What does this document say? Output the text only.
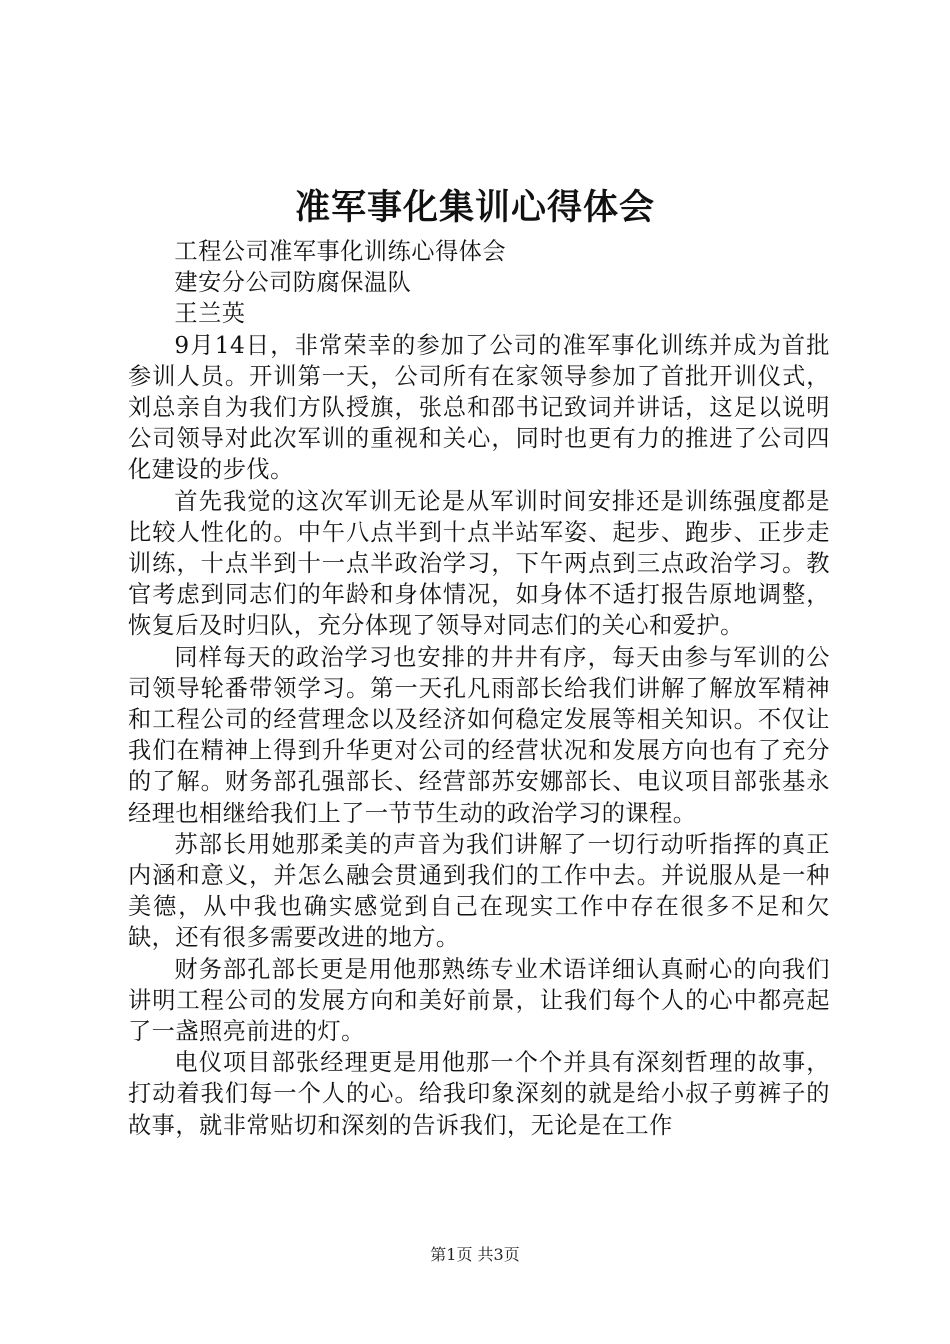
准军事化集训心得体会

工程公司准军事化训练心得体会

建安分公司防腐保温队

王兰英

9月14日，非常荣幸的参加了公司的准军事化训练并成为首批参训人员。开训第一天，公司所有在家领导参加了首批开训仪式，刘总亲自为我们方队授旗，张总和邵书记致词并讲话，这足以说明公司领导对此次军训的重视和关心，同时也更有力的推进了公司四化建设的步伐。

首先我觉的这次军训无论是从军训时间安排还是训练强度都是比较人性化的。中午八点半到十点半站军姿、起步、跑步、正步走训练，十点半到十一点半政治学习，下午两点到三点政治学习。教官考虑到同志们的年龄和身体情况，如身体不适打报告原地调整，恢复后及时归队，充分体现了领导对同志们的关心和爱护。

同样每天的政治学习也安排的井井有序，每天由参与军训的公司领导轮番带领学习。第一天孔凡雨部长给我们讲解了解放军精神和工程公司的经营理念以及经济如何稳定发展等相关知识。不仅让我们在精神上得到升华更对公司的经营状况和发展方向也有了充分的了解。财务部孔强部长、经营部苏安娜部长、电议项目部张基永经理也相继给我们上了一节节生动的政治学习的课程。

苏部长用她那柔美的声音为我们讲解了一切行动听指挥的真正内涵和意义，并怎么融会贯通到我们的工作中去。并说服从是一种美德，从中我也确实感觉到自己在现实工作中存在很多不足和欠缺，还有很多需要改进的地方。

财务部孔部长更是用他那熟练专业术语详细认真耐心的向我们讲明工程公司的发展方向和美好前景，让我们每个人的心中都亮起了一盏照亮前进的灯。

电仪项目部张经理更是用他那一个个并具有深刻哲理的故事，打动着我们每一个人的心。给我印象深刻的就是给小叔子剪裤子的故事，就非常贴切和深刻的告诉我们，无论是在工作

第1页 共3页
